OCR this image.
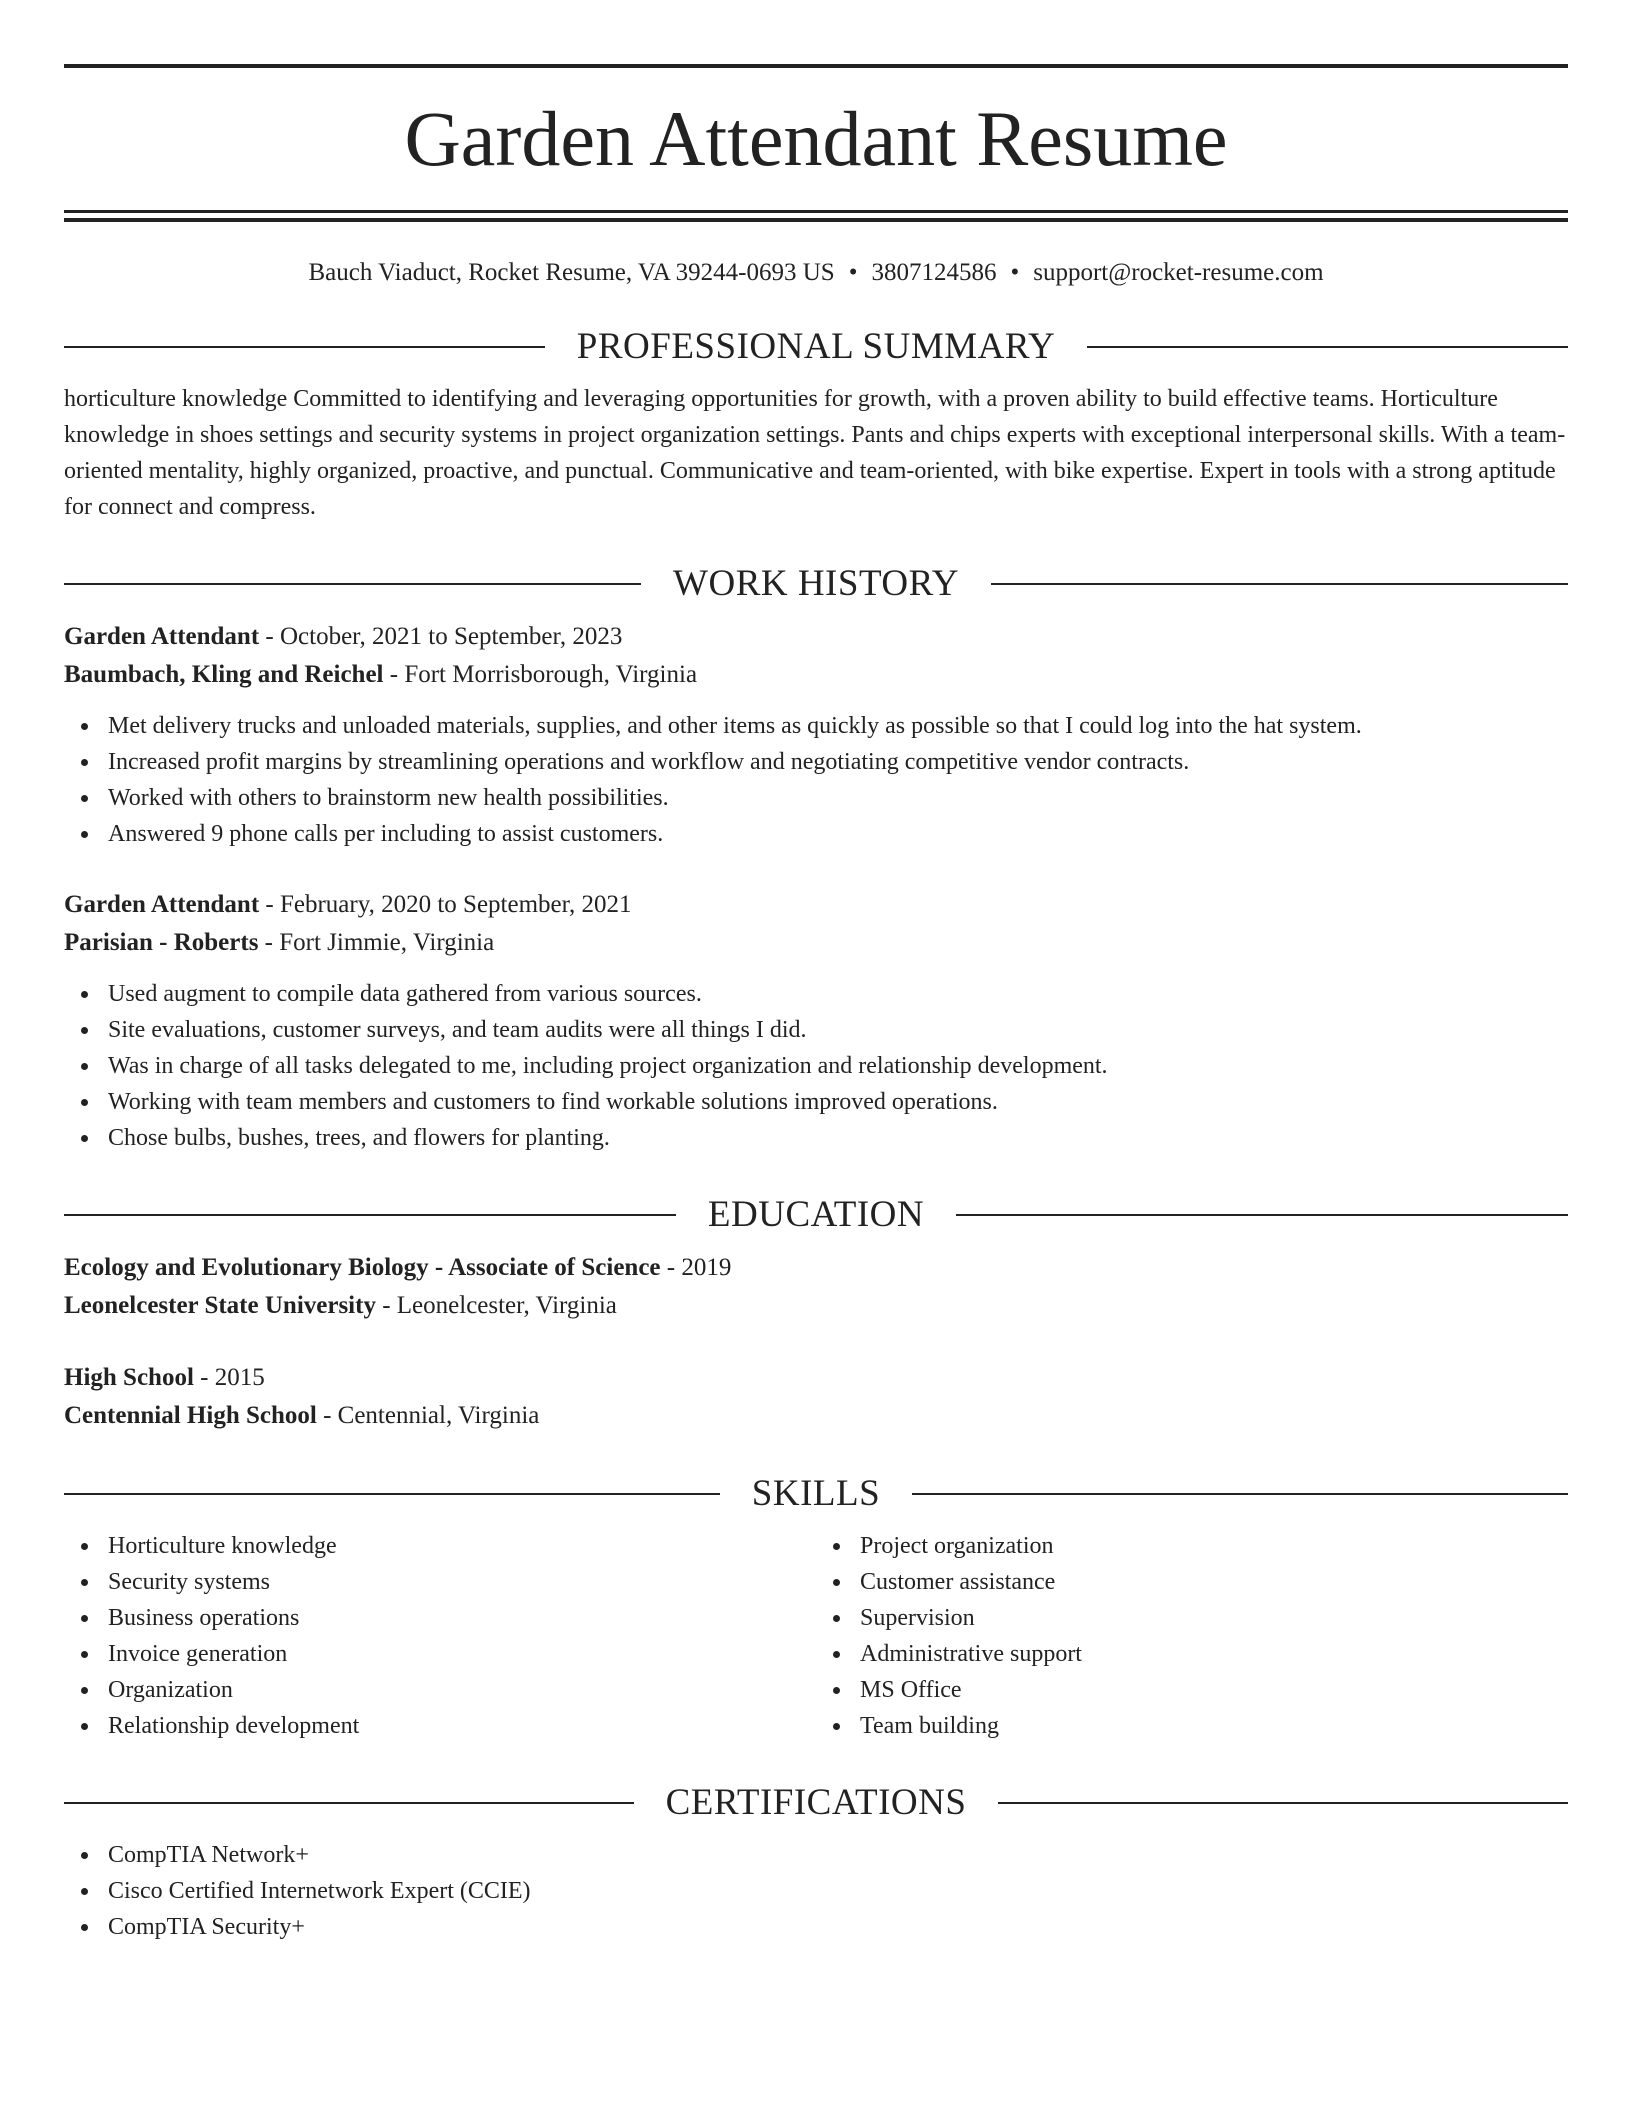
Garden Attendant Resume
Bauch Viaduct, Rocket Resume, VA 39244-0693 US • 3807124586 • support@rocket-resume.com
PROFESSIONAL SUMMARY

horticulture knowledge Committed to identifying and leveraging opportunities for growth, with a proven ability to build effective teams. Horticulture knowledge in shoes settings and security systems in project organization settings. Pants and chips experts with exceptional interpersonal skills. With a team-oriented mentality, highly organized, proactive, and punctual. Communicative and team-oriented, with bike expertise. Expert in tools with a strong aptitude for connect and compress.

WORK HISTORY
Garden Attendant - October, 2021 to September, 2023
Baumbach, Kling and Reichel - Fort Morrisborough, Virginia
Met delivery trucks and unloaded materials, supplies, and other items as quickly as possible so that I could log into the hat system.
Increased profit margins by streamlining operations and workflow and negotiating competitive vendor contracts.
Worked with others to brainstorm new health possibilities.
Answered 9 phone calls per including to assist customers.
Garden Attendant - February, 2020 to September, 2021
Parisian - Roberts - Fort Jimmie, Virginia
Used augment to compile data gathered from various sources.
Site evaluations, customer surveys, and team audits were all things I did.
Was in charge of all tasks delegated to me, including project organization and relationship development.
Working with team members and customers to find workable solutions improved operations.
Chose bulbs, bushes, trees, and flowers for planting.
EDUCATION
Ecology and Evolutionary Biology - Associate of Science - 2019
Leonelcester State University - Leonelcester, Virginia
High School - 2015
Centennial High School - Centennial, Virginia
SKILLS
Horticulture knowledge
Security systems
Business operations
Invoice generation
Organization
Relationship development
Project organization
Customer assistance
Supervision
Administrative support
MS Office
Team building
CERTIFICATIONS
CompTIA Network+
Cisco Certified Internetwork Expert (CCIE)
CompTIA Security+
